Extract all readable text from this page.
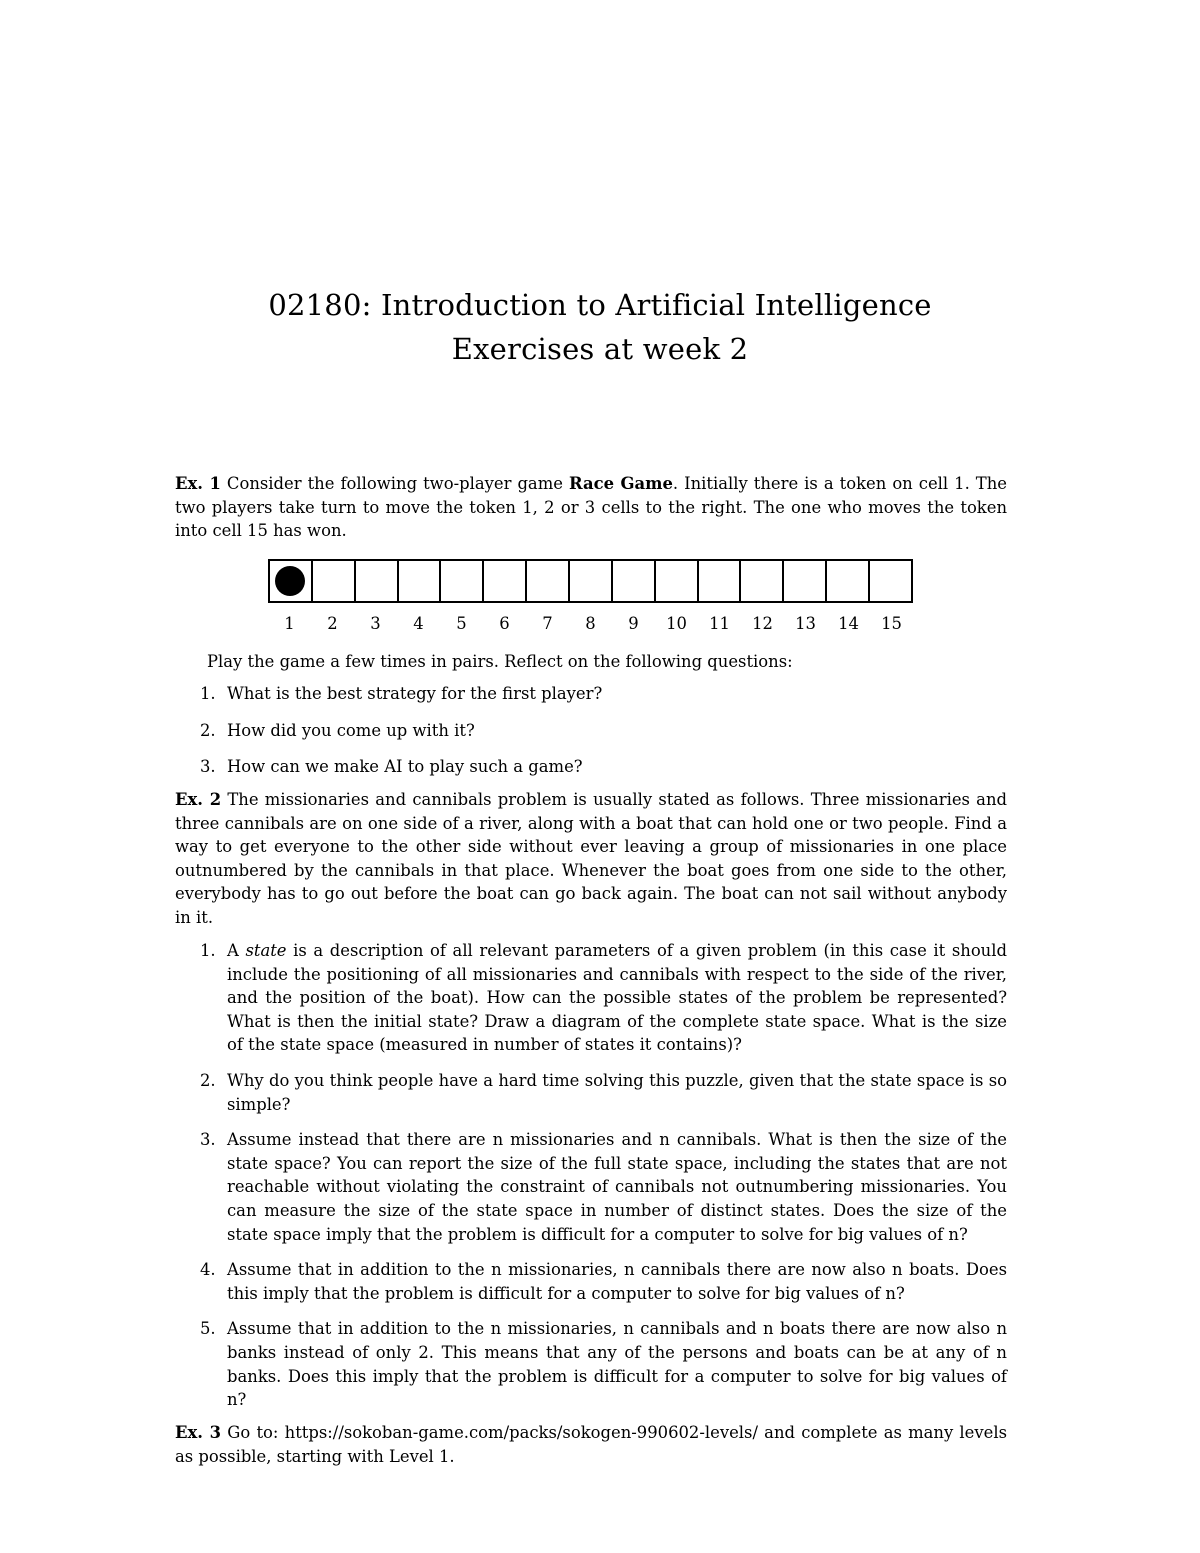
02180: Introduction to Artificial Intelligence
Exercises at week 2
Ex. 1 Consider the following two-player game Race Game. Initially there is a token on cell 1. The two players take turn to move the token 1, 2 or 3 cells to the right. The one who moves the token into cell 15 has won.
1	2	3	4	5	6	7	8	9	10	11	12	13	14	15
Play the game a few times in pairs. Reflect on the following questions:
1. What is the best strategy for the first player?
2. How did you come up with it?
3. How can we make AI to play such a game?
Ex. 2 The missionaries and cannibals problem is usually stated as follows. Three missionaries and three cannibals are on one side of a river, along with a boat that can hold one or two people. Find a way to get everyone to the other side without ever leaving a group of missionaries in one place outnumbered by the cannibals in that place. Whenever the boat goes from one side to the other, everybody has to go out before the boat can go back again. The boat can not sail without anybody in it.
1. A state is a description of all relevant parameters of a given problem (in this case it should include the positioning of all missionaries and cannibals with respect to the side of the river, and the position of the boat). How can the possible states of the problem be represented? What is then the initial state? Draw a diagram of the complete state space. What is the size of the state space (measured in number of states it contains)?
2. Why do you think people have a hard time solving this puzzle, given that the state space is so simple?
3. Assume instead that there are n missionaries and n cannibals. What is then the size of the state space? You can report the size of the full state space, including the states that are not reachable without violating the constraint of cannibals not outnumbering missionaries. You can measure the size of the state space in number of distinct states. Does the size of the state space imply that the problem is difficult for a computer to solve for big values of n?
4. Assume that in addition to the n missionaries, n cannibals there are now also n boats. Does this imply that the problem is difficult for a computer to solve for big values of n?
5. Assume that in addition to the n missionaries, n cannibals and n boats there are now also n banks instead of only 2. This means that any of the persons and boats can be at any of n banks. Does this imply that the problem is difficult for a computer to solve for big values of n?
Ex. 3 Go to: https://sokoban-game.com/packs/sokogen-990602-levels/ and complete as many levels as possible, starting with Level 1.
